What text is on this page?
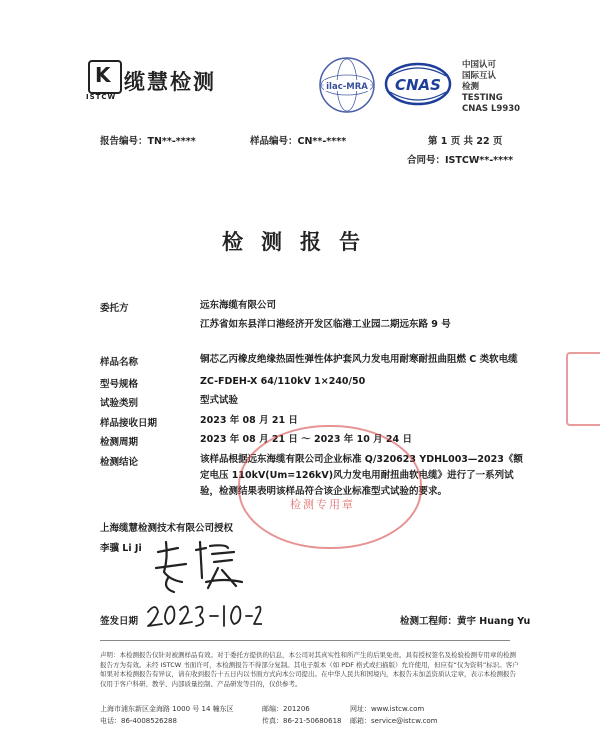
K
ISTCW
缆慧检测	ilac-MRA CNAS
中国认可
国际互认
检测
TESTING
CNAS L9930
报告编号：TN**-****	样品编号：CN**-****	第 1 页 共 22 页
合同号：ISTCW**-****
检测报告
委托方	远东海缆有限公司
江苏省如东县洋口港经济开发区临港工业园二期远东路 9 号
样品名称	铜芯乙丙橡皮绝缘热固性弹性体护套风力发电用耐寒耐扭曲阻燃 C 类软电缆
型号规格	ZC-FDEH-X 64/110kV 1×240/50
试验类别	型式试验
样品接收日期	2023 年 08 月 21 日
检测周期	2023 年 08 月 21 日 ～ 2023 年 10 月 24 日
检测结论	该样品根据远东海缆有限公司企业标准 Q/320623 YDHL003—2023《额定电压 110kV(Um=126kV)风力发电用耐扭曲软电缆》进行了一系列试验，检测结果表明该样品符合该企业标准型式试验的要求。
检测专用章
上海缆慧检测技术有限公司授权
李骥 Li Ji
签发日期	检测工程师：黄宇 Huang Yu
声明：本检测报告仅针对被测样品有效。对于委托方提供的信息，本公司对其真实性和所产生的后果免责。具有授权签名及检验检测专用章的检测报告方为有效。未经 ISTCW 书面许可，本检测报告不得部分复制。其电子版本（如 PDF 格式或扫描版）允许使用，但应有“仅为资料”标识。客户如果对本检测报告有异议，请在收到报告十五日内以书面方式向本公司提出。在中华人民共和国境内，本报告未加盖资质认定章，表示本检测报告仅用于客户科研、教学、内部质量控制、产品研发等目的，仅供参考。
上海市浦东新区金海路 1000 号 14 幢东区	邮编：201206	网址：www.istcw.com
电话：86-4008526288	传真：86-21-50680618 邮箱：service@istcw.com
